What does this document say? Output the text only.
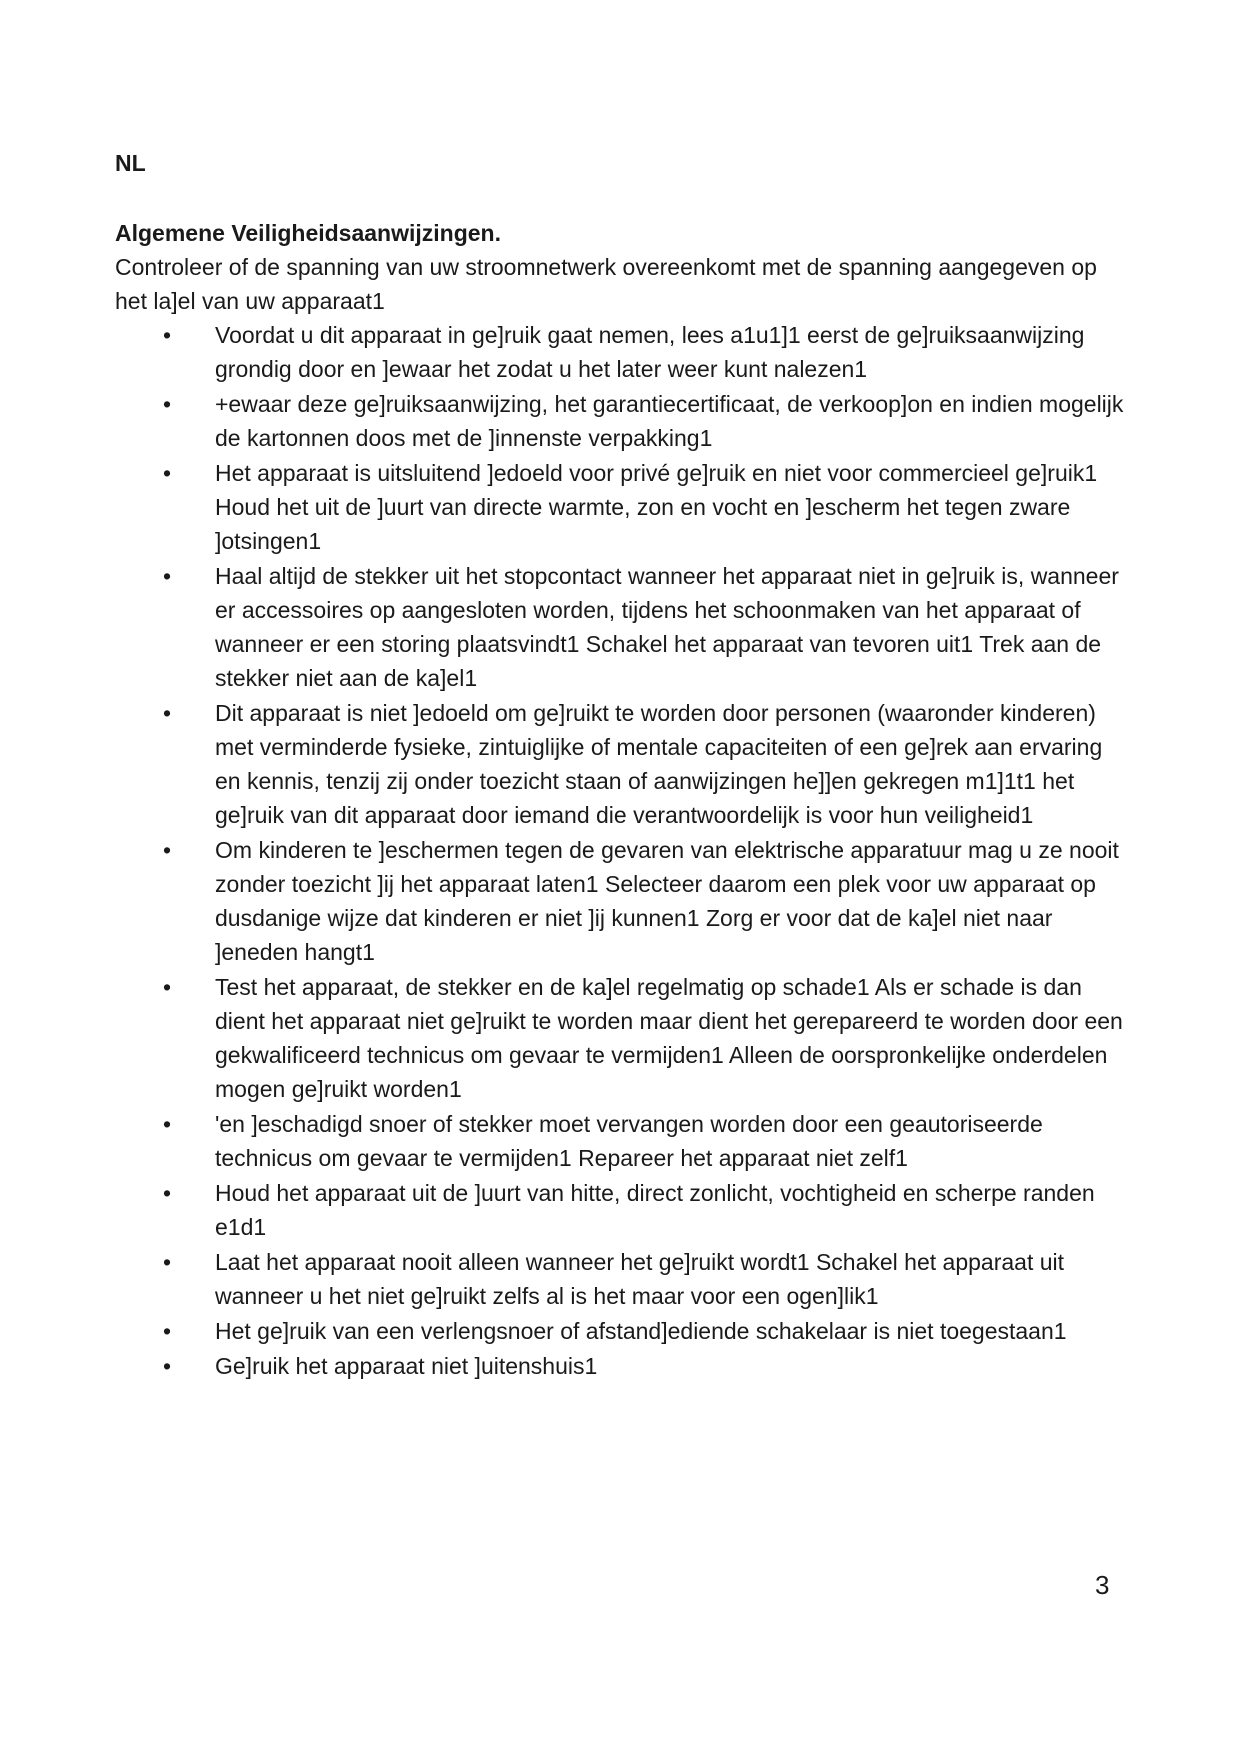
NL

Algemene Veiligheidsaanwijzingen.

Controleer of de spanning van uw stroomnetwerk overeenkomt met de spanning aangegeven op het la]el van uw apparaat1

• Voordat u dit apparaat in ge]ruik gaat nemen, lees a1u1]1 eerst de ge]ruiksaanwijzing grondig door en ]ewaar het zodat u het later weer kunt nalezen1
• +ewaar deze ge]ruiksaanwijzing, het garantiecertificaat, de verkoop]on en indien mogelijk de kartonnen doos met de ]innenste verpakking1
• Het apparaat is uitsluitend ]edoeld voor privé ge]ruik en niet voor commercieel ge]ruik1 Houd het uit de ]uurt van directe warmte, zon en vocht en ]escherm het tegen zware ]otsingen1
• Haal altijd de stekker uit het stopcontact wanneer het apparaat niet in ge]ruik is, wanneer er accessoires op aangesloten worden, tijdens het schoonmaken van het apparaat of wanneer er een storing plaatsvindt1 Schakel het apparaat van tevoren uit1 Trek aan de stekker niet aan de ka]el1
• Dit apparaat is niet ]edoeld om ge]ruikt te worden door personen (waaronder kinderen) met verminderde fysieke, zintuiglijke of mentale capaciteiten of een ge]rek aan ervaring en kennis, tenzij zij onder toezicht staan of aanwijzingen he]]en gekregen m1]1t1 het ge]ruik van dit apparaat door iemand die verantwoordelijk is voor hun veiligheid1
• Om kinderen te ]eschermen tegen de gevaren van elektrische apparatuur mag u ze nooit zonder toezicht ]ij het apparaat laten1 Selecteer daarom een plek voor uw apparaat op dusdanige wijze dat kinderen er niet ]ij kunnen1 Zorg er voor dat de ka]el niet naar ]eneden hangt1
• Test het apparaat, de stekker en de ka]el regelmatig op schade1 Als er schade is dan dient het apparaat niet ge]ruikt te worden maar dient het gerepareerd te worden door een gekwalificeerd technicus om gevaar te vermijden1 Alleen de oorspronkelijke onderdelen mogen ge]ruikt worden1
• 'en ]eschadigd snoer of stekker moet vervangen worden door een geautoriseerde technicus om gevaar te vermijden1 Repareer het apparaat niet zelf1
• Houd het apparaat uit de ]uurt van hitte, direct zonlicht, vochtigheid en scherpe randen e1d1
• Laat het apparaat nooit alleen wanneer het ge]ruikt wordt1 Schakel het apparaat uit wanneer u het niet ge]ruikt zelfs al is het maar voor een ogen]lik1
• Het ge]ruik van een verlengsnoer of afstand]ediende schakelaar is niet toegestaan1
• Ge]ruik het apparaat niet ]uitenshuis1

3
